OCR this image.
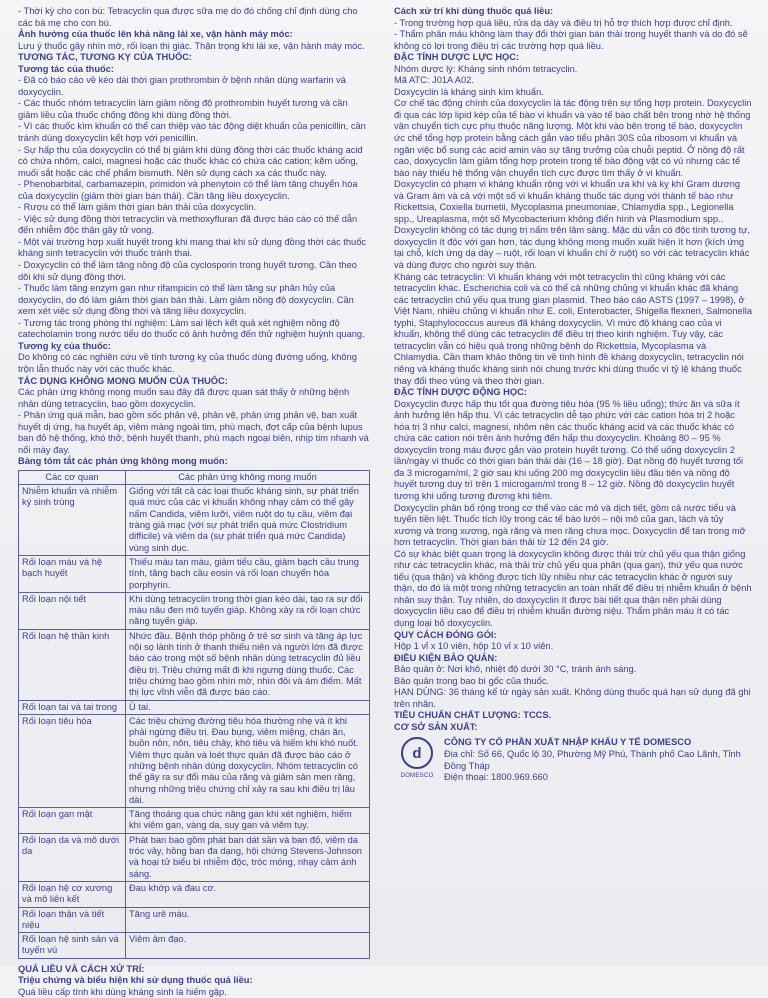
- Thời kỳ cho con bú: Tetracyclin qua được sữa mẹ do đó chống chỉ định dùng cho các bà mẹ cho con bú.

Ảnh hưởng của thuốc lên khả năng lái xe, vận hành máy móc:

Lưu ý thuốc gây nhìn mờ, rối loạn thị giác. Thận trọng khi lái xe, vận hành máy móc.

TƯƠNG TÁC, TƯƠNG KỴ CỦA THUỐC:

Tương tác của thuốc:

- Đã có báo cáo về kéo dài thời gian prothrombin ở bệnh nhân dùng warfarin và doxycyclin.

- Các thuốc nhóm tetracyclin làm giảm nồng độ prothrombin huyết tương và cần giảm liều của thuốc chống đông khi dùng đồng thời.

- Vì các thuốc kìm khuẩn có thể can thiệp vào tác động diệt khuẩn của penicillin, cần tránh dùng doxycyclin kết hợp với penicillin.

- Sự hấp thu của doxycyclin có thể bị giảm khi dùng đồng thời các thuốc kháng acid có chứa nhôm, calci, magnesi hoặc các thuốc khác có chứa các cation; kẽm uống, muối sắt hoặc các chế phẩm bismuth. Nên sử dụng cách xa các thuốc này.

- Phenobarbital, carbamazepin, primidon và phenytoin có thể làm tăng chuyển hóa của doxycyclin (giảm thời gian bán thải). Cần tăng liều doxycyclin.

- Rượu có thể làm giảm thời gian bán thải của doxycyclin.

- Việc sử dụng đồng thời tetracyclin và methoxyfluran đã được báo cáo có thể dẫn đến nhiễm độc thận gây tử vong.

- Một vài trường hợp xuất huyết trong khi mang thai khi sử dụng đồng thời các thuốc kháng sinh tetracyclin với thuốc tránh thai.

- Doxycyclin có thể làm tăng nồng độ của cyclosporin trong huyết tương. Cần theo dõi khi sử dụng đồng thời.

- Thuốc làm tăng enzym gan như rifampicin có thể làm tăng sự phân hủy của doxycyclin, do đó làm giảm thời gian bán thải. Làm giảm nồng độ doxycyclin. Cần xem xét việc sử dụng đồng thời và tăng liều doxycyclin.

- Tương tác trong phòng thí nghiệm: Làm sai lệch kết quả xét nghiệm nồng độ catecholamin trong nước tiểu do thuốc có ảnh hưởng đến thử nghiệm huỳnh quang.

Tương kỵ của thuốc:

Do không có các nghiên cứu về tính tương kỵ của thuốc dùng đường uống, không trộn lẫn thuốc này với các thuốc khác.

TÁC DỤNG KHÔNG MONG MUỐN CỦA THUỐC:

Các phản ứng không mong muốn sau đây đã được quan sát thấy ở những bệnh nhân dùng tetracyclin, bao gồm doxycyclin.

- Phản ứng quá mẫn, bao gồm sốc phản vệ, phản vệ, phản ứng phản vệ, ban xuất huyết dị ứng, hạ huyết áp, viêm màng ngoài tim, phù mạch, đợt cấp của bệnh lupus ban đỏ hệ thống, khó thở, bệnh huyết thanh, phù mạch ngoại biên, nhịp tim nhanh và nổi mày đay.

Bảng tóm tắt các phản ứng không mong muốn:

Các cơ quan	Các phản ứng không mong muốn
Nhiễm khuẩn và nhiễm ký sinh trùng	Giống với tất cả các loại thuốc kháng sinh, sự phát triển quá mức của các vi khuẩn không nhạy cảm có thể gây nấm Candida, viêm lưỡi, viêm ruột do tụ cầu, viêm đại tràng giả mạc (với sự phát triển quá mức Clostridium difficile) và viêm da (sự phát triển quá mức Candida) vùng sinh dục.
Rối loạn máu và hệ bạch huyết	Thiếu máu tan máu, giảm tiểu cầu, giảm bạch cầu trung tính, tăng bạch cầu eosin và rối loạn chuyển hóa porphyrin.
Rối loạn nội tiết	Khi dùng tetracyclin trong thời gian kéo dài, tạo ra sự đổi màu nâu đen mô tuyến giáp. Không xảy ra rối loạn chức năng tuyến giáp.
Rối loạn hệ thần kinh	Nhức đầu. Bệnh thóp phồng ở trẻ sơ sinh và tăng áp lực nội sọ lành tính ở thanh thiếu niên và người lớn đã được báo cáo trong một số bệnh nhân dùng tetracyclin đủ liều điều trị. Triệu chứng mất đi khi ngưng dùng thuốc. Các triệu chứng bao gồm nhìn mờ, nhìn đôi và ám điểm. Mất thị lực vĩnh viễn đã được báo cáo.
Rối loạn tai và tai trong	Ù tai.
Rối loạn tiêu hóa	Các triệu chứng đường tiêu hóa thường nhẹ và ít khi phải ngừng điều trị. Đau bụng, viêm miệng, chán ăn, buồn nôn, nôn, tiêu chảy, khó tiêu và hiếm khi khó nuốt. Viêm thực quản và loét thực quản đã được báo cáo ở những bệnh nhân dùng doxycyclin. Nhóm tetracyclin có thể gây ra sự đổi màu của răng và giảm sản men răng, nhưng những triệu chứng chỉ xảy ra sau khi điều trị lâu dài.
Rối loạn gan mật	Tăng thoáng qua chức năng gan khi xét nghiệm, hiếm khi viêm gan, vàng da, suy gan và viêm tụy.
Rối loạn da và mô dưới da	Phát ban bao gồm phát ban dát sần và ban đỏ, viêm da tróc vảy, hồng ban đa dạng, hội chứng Stevens-Johnson và hoại tử biểu bì nhiễm độc, tróc móng, nhạy cảm ánh sáng.
Rối loạn hệ cơ xương và mô liên kết	Đau khớp và đau cơ.
Rối loạn thận và tiết niệu	Tăng urê máu.
Rối loạn hệ sinh sản và tuyến vú	Viêm âm đạo.

QUÁ LIỀU VÀ CÁCH XỬ TRÍ:

Triệu chứng và biểu hiện khi sử dụng thuốc quá liều:

Quá liều cấp tính khi dùng kháng sinh là hiếm gặp.

Cách xử trí khi dùng thuốc quá liều:

- Trong trường hợp quá liều, rửa dạ dày và điều trị hỗ trợ thích hợp được chỉ định.

- Thẩm phân máu không làm thay đổi thời gian bán thải trong huyết thanh và do đó sẽ không có lợi trong điều trị các trường hợp quá liều.

ĐẶC TÍNH DƯỢC LỰC HỌC:

Nhóm dược lý: Kháng sinh nhóm tetracyclin.

Mã ATC: J01A A02.

Doxycyclin là kháng sinh kìm khuẩn.

Cơ chế tác động chính của doxycyclin là tác động trên sự tổng hợp protein. Doxycyclin đi qua các lớp lipid kép của tế bào vi khuẩn và vào tế bào chất bên trong nhờ hệ thống vận chuyển tích cực phụ thuộc năng lượng. Một khi vào bên trong tế bào, doxycyclin ức chế tổng hợp protein bằng cách gắn vào tiểu phân 30S của ribosom vi khuẩn và ngăn việc bổ sung các acid amin vào sự tăng trưởng của chuỗi peptid. Ở nồng độ rất cao, doxycyclin làm giảm tổng hợp protein trong tế bào động vật có vú nhưng các tế bào này thiếu hệ thống vận chuyển tích cực được tìm thấy ở vi khuẩn.

Doxycyclin có phạm vi kháng khuẩn rộng với vi khuẩn ưa khí và kỵ khí Gram dương và Gram âm và cả với một số vi khuẩn kháng thuốc tác dụng với thành tế bào như Rickettsia, Coxiella burnetii, Mycoplasma pneumoniae, Chlamydia spp., Legionella spp., Ureaplasma, một số Mycobacterium không điển hình và Plasmodium spp.. Doxycyclin không có tác dụng trị nấm trên lâm sàng. Mặc dù vẫn có độc tính tương tự, doxycyclin ít độc với gan hơn, tác dụng không mong muốn xuất hiện ít hơn (kích ứng tại chỗ, kích ứng dạ dày – ruột, rối loạn vi khuẩn chí ở ruột) so với các tetracyclin khác và dùng được cho người suy thận.

Kháng các tetracyclin: Vi khuẩn kháng với một tetracyclin thì cũng kháng với các tetracyclin khác. Escherichia coli và có thể cả những chủng vi khuẩn khác đã kháng các tetracyclin chủ yếu qua trung gian plasmid. Theo báo cáo ASTS (1997 – 1998), ở Việt Nam, nhiều chủng vi khuẩn như E. coli, Enterobacter, Shigella flexneri, Salmonella typhi, Staphylococcus aureus đã kháng doxycyclin. Vì mức độ kháng cao của vi khuẩn, không thể dùng các tetracyclin để điều trị theo kinh nghiệm. Tuy vậy, các tetracyclin vẫn có hiệu quả trong những bệnh do Rickettsia, Mycoplasma và Chlamydia. Cần tham khảo thông tin về tình hình đề kháng doxycyclin, tetracyclin nói riêng và kháng thuốc kháng sinh nói chung trước khi dùng thuốc vì tỷ lệ kháng thuốc thay đổi theo vùng và theo thời gian.

ĐẶC TÍNH DƯỢC ĐỘNG HỌC:

Doxycyclin được hấp thu tốt qua đường tiêu hóa (95 % liều uống); thức ăn và sữa ít ảnh hưởng lên hấp thu. Vì các tetracyclin dễ tạo phức với các cation hóa trị 2 hoặc hóa trị 3 như calci, magnesi, nhôm nên các thuốc kháng acid và các thuốc khác có chứa các cation nói trên ảnh hưởng đến hấp thu doxycyclin. Khoảng 80 – 95 % doxycyclin trong máu được gắn vào protein huyết tương. Có thể uống doxycyclin 2 lần/ngày vì thuốc có thời gian bán thải dài (16 – 18 giờ). Đạt nồng độ huyết tương tối đa 3 microgam/ml, 2 giờ sau khi uống 200 mg doxycyclin liều đầu tiên và nồng độ huyết tương duy trì trên 1 microgam/ml trong 8 – 12 giờ. Nồng độ doxycyclin huyết tương khi uống tương đương khi tiêm.

Doxycyclin phân bố rộng trong cơ thể vào các mô và dịch tiết, gồm cả nước tiểu và tuyến tiền liệt. Thuốc tích lũy trong các tế bào lưới – nội mô của gan, lách và tủy xương và trong xương, ngà răng và men răng chưa mọc. Doxycyclin để tan trong mỡ hơn tetracyclin. Thời gian bán thải từ 12 đến 24 giờ.

Có sự khác biệt quan trọng là doxycyclin không được thải trừ chủ yếu qua thận giống như các tetracyclin khác, mà thải trừ chủ yếu qua phân (qua gan), thứ yếu qua nước tiểu (qua thận) và không được tích lũy nhiều như các tetracyclin khác ở người suy thận, do đó là một trong những tetracyclin an toàn nhất để điều trị nhiễm khuẩn ở bệnh nhân suy thận. Tuy nhiên, do doxycyclin ít được bài tiết qua thận nên phải dùng doxycyclin liều cao để điều trị nhiễm khuẩn đường niệu. Thẩm phân máu ít có tác dụng loại bỏ doxycyclin.

QUY CÁCH ĐÓNG GÓI:

Hộp 1 vỉ x 10 viên, hộp 10 vỉ x 10 viên.

ĐIỀU KIỆN BẢO QUẢN:

Bảo quản ở: Nơi khô, nhiệt độ dưới 30 °C, tránh ánh sáng.

Bảo quản trong bao bì gốc của thuốc.

HẠN DÙNG: 36 tháng kể từ ngày sản xuất. Không dùng thuốc quá hạn sử dụng đã ghi trên nhãn.

TIÊU CHUẨN CHẤT LƯỢNG: TCCS.

CƠ SỞ SẢN XUẤT:

d
DOMESCO

CÔNG TY CỔ PHẦN XUẤT NHẬP KHẨU Y TẾ DOMESCO

Địa chỉ: Số 66, Quốc lộ 30, Phường Mỹ Phú, Thành phố Cao Lãnh, Tỉnh Đồng Tháp

Điện thoại: 1800.969.660
